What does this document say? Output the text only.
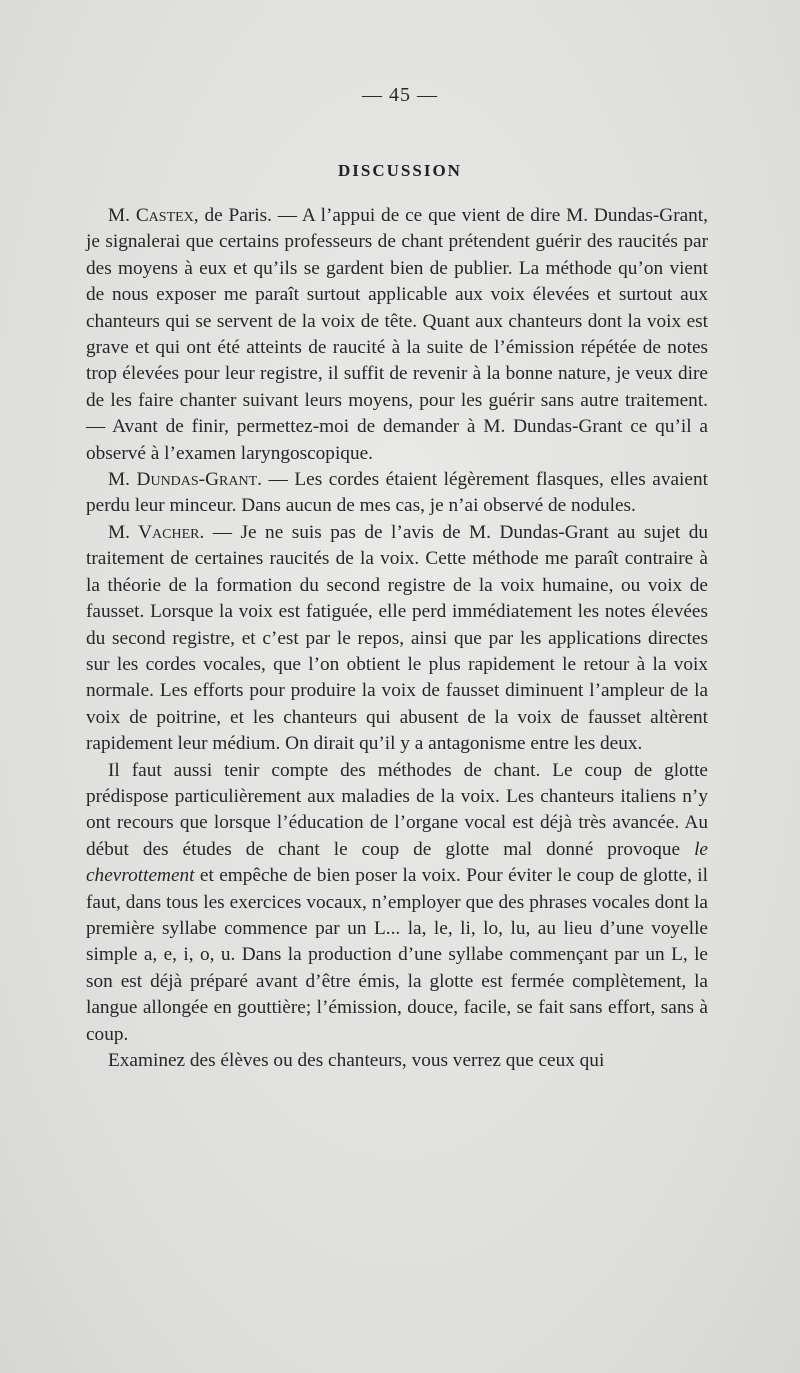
— 45 —
DISCUSSION

M. Castex, de Paris. — A l’appui de ce que vient de dire M. Dundas-Grant, je signalerai que certains professeurs de chant prétendent guérir des raucités par des moyens à eux et qu’ils se gardent bien de publier. La méthode qu’on vient de nous exposer me paraît surtout applicable aux voix élevées et surtout aux chanteurs qui se servent de la voix de tête. Quant aux chanteurs dont la voix est grave et qui ont été atteints de raucité à la suite de l’émission répétée de notes trop élevées pour leur registre, il suffit de revenir à la bonne nature, je veux dire de les faire chanter suivant leurs moyens, pour les guérir sans autre traitement. — Avant de finir, permettez-moi de demander à M. Dundas-Grant ce qu’il a observé à l’examen laryngoscopique.

M. Dundas-Grant. — Les cordes étaient légèrement flasques, elles avaient perdu leur minceur. Dans aucun de mes cas, je n’ai observé de nodules.

M. Vacher. — Je ne suis pas de l’avis de M. Dundas-Grant au sujet du traitement de certaines raucités de la voix. Cette méthode me paraît contraire à la théorie de la formation du second registre de la voix humaine, ou voix de fausset. Lorsque la voix est fatiguée, elle perd immédiatement les notes élevées du second registre, et c’est par le repos, ainsi que par les applications directes sur les cordes vocales, que l’on obtient le plus rapidement le retour à la voix normale. Les efforts pour produire la voix de fausset diminuent l’ampleur de la voix de poitrine, et les chanteurs qui abusent de la voix de fausset altèrent rapidement leur médium. On dirait qu’il y a antagonisme entre les deux.

Il faut aussi tenir compte des méthodes de chant. Le coup de glotte prédispose particulièrement aux maladies de la voix. Les chanteurs italiens n’y ont recours que lorsque l’éducation de l’organe vocal est déjà très avancée. Au début des études de chant le coup de glotte mal donné provoque le chevrottement et empêche de bien poser la voix. Pour éviter le coup de glotte, il faut, dans tous les exercices vocaux, n’employer que des phrases vocales dont la première syllabe commence par un L... la, le, li, lo, lu, au lieu d’une voyelle simple a, e, i, o, u. Dans la production d’une syllabe commençant par un L, le son est déjà préparé avant d’être émis, la glotte est fermée complètement, la langue allongée en gouttière; l’émission, douce, facile, se fait sans effort, sans à coup.

Examinez des élèves ou des chanteurs, vous verrez que ceux qui
